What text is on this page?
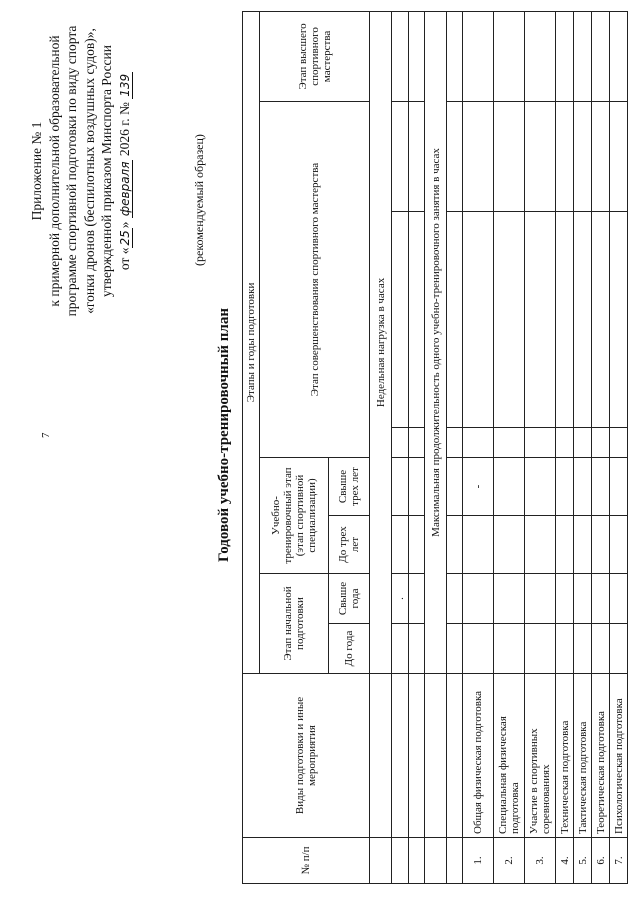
7
Приложение № 1 к примерной дополнительной образовательной программе спортивной подготовки по виду спорта «гонки дронов (беспилотных воздушных судов)», утвержденной приказом Минспорта России от «25» февраля 2026 г. № 139
(рекомендуемый образец)
Годовой учебно-тренировочный план
№ п/п	Виды подготовки и иные мероприятия	Этапы и годы подготовки							
		Этап начальной подготовки		Учебно-тренировочный этап (этап спортивной специализации)		Этап совершенствования спортивного мастерства			Этап высшего спортивного мастерства
		До года	Свыше года	До трех лет	Свыше трех лет				
		Недельная нагрузка в часах							
			.						

		Максимальная продолжительность одного учебно-тренировочного занятия в часах							

1.	Общая физическая подготовка				-				
2.	Специальная физическая подготовка								
3.	Участие в спортивных соревнованиях								
4.	Техническая подготовка								
5.	Тактическая подготовка								
6.	Теоретическая подготовка								
7.	Психологическая подготовка								
